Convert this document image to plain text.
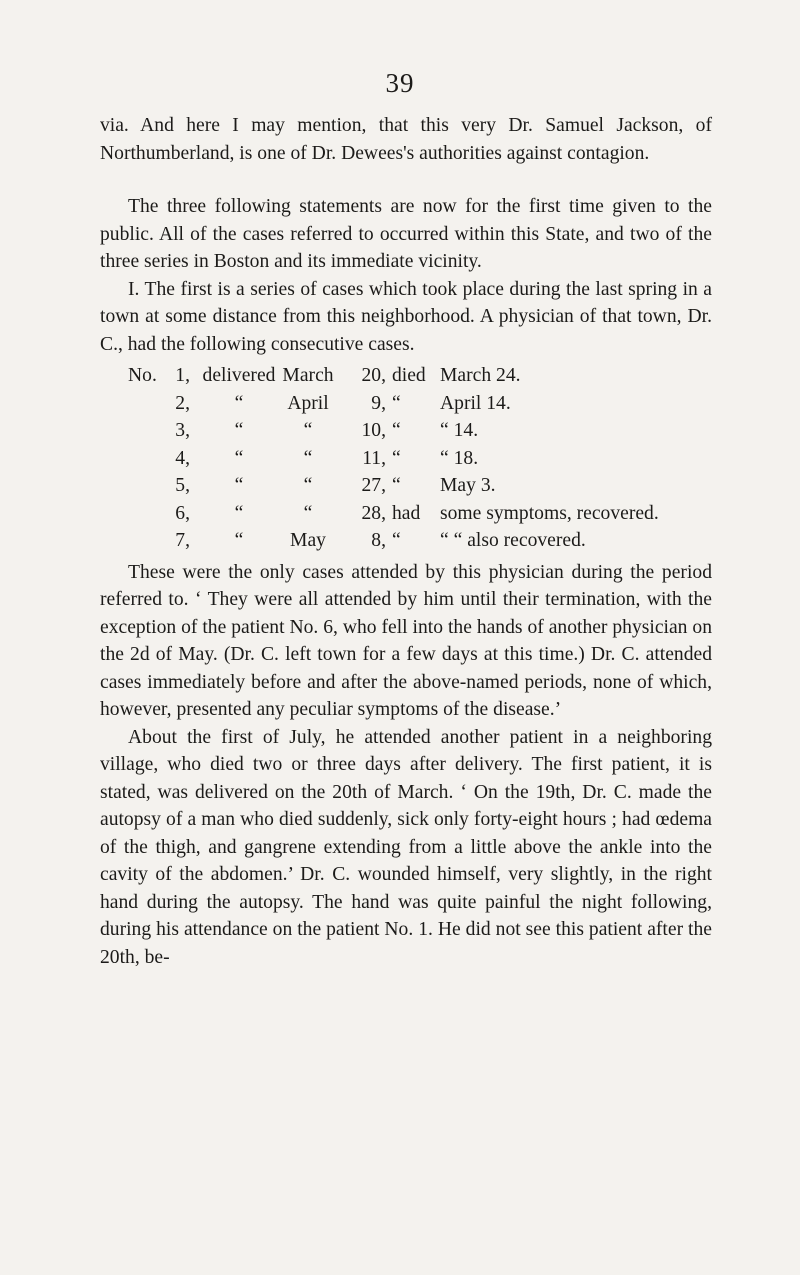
39

via. And here I may mention, that this very Dr. Samuel Jackson, of Northumberland, is one of Dr. Dewees's authorities against contagion.

The three following statements are now for the first time given to the public. All of the cases referred to occurred within this State, and two of the three series in Boston and its immediate vicinity.

I. The first is a series of cases which took place during the last spring in a town at some distance from this neighborhood. A physician of that town, Dr. C., had the following consecutive cases.

No.	1,	delivered	March	20,	died	March 24.
	2,	“	April	9,	“	April 14.
	3,	“	“	10,	“	“ 14.
	4,	“	“	11,	“	“ 18.
	5,	“	“	27,	“	May 3.
	6,	“	“	28,	had	some symptoms, recovered.
	7,	“	May	8,	“	“ “ also recovered.

These were the only cases attended by this physician during the period referred to. ‘ They were all attended by him until their termination, with the exception of the patient No. 6, who fell into the hands of another physician on the 2d of May. (Dr. C. left town for a few days at this time.) Dr. C. attended cases immediately before and after the above-named periods, none of which, however, presented any peculiar symptoms of the disease.’

About the first of July, he attended another patient in a neighboring village, who died two or three days after delivery. The first patient, it is stated, was delivered on the 20th of March. ‘ On the 19th, Dr. C. made the autopsy of a man who died suddenly, sick only forty-eight hours ; had œdema of the thigh, and gangrene extending from a little above the ankle into the cavity of the abdomen.’ Dr. C. wounded himself, very slightly, in the right hand during the autopsy. The hand was quite painful the night following, during his attendance on the patient No. 1. He did not see this patient after the 20th, be-
